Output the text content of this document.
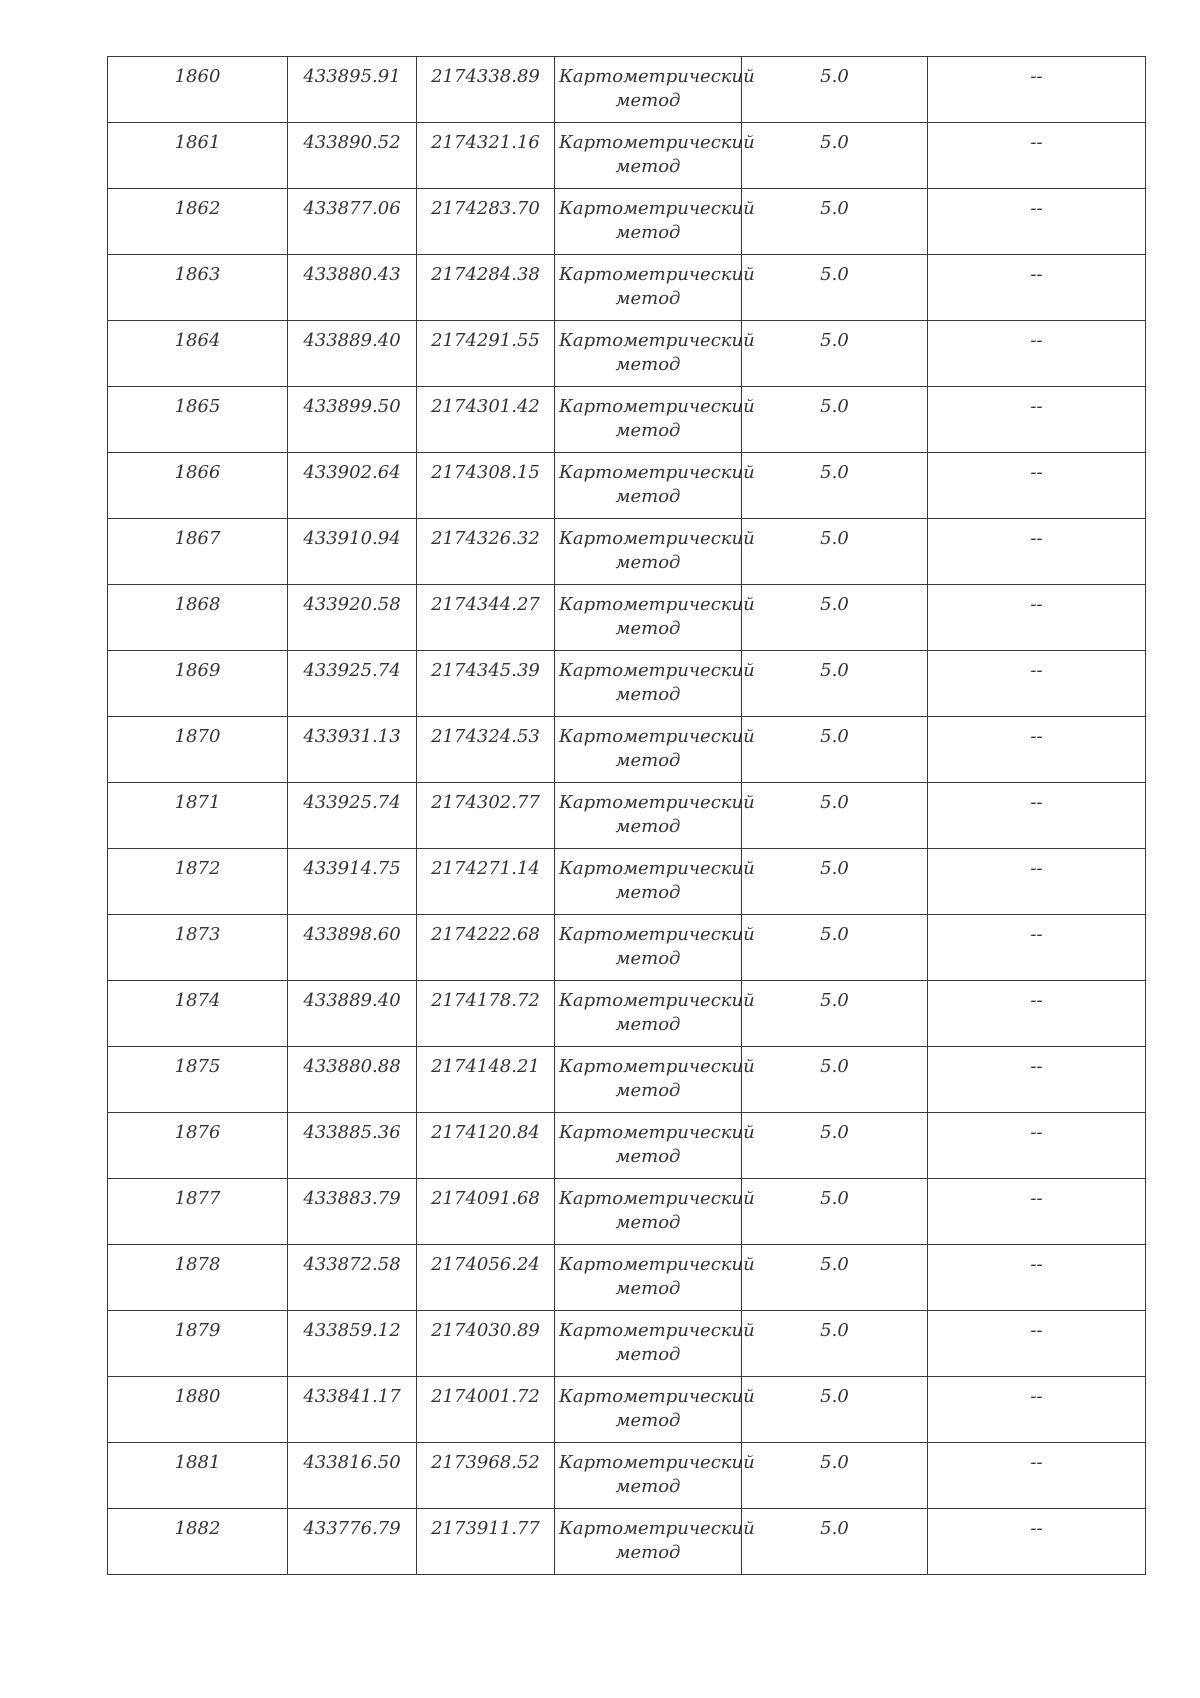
1860	433895.91	2174338.89	Картометрический
метод	5.0	--
1861	433890.52	2174321.16	Картометрический
метод	5.0	--
1862	433877.06	2174283.70	Картометрический
метод	5.0	--
1863	433880.43	2174284.38	Картометрический
метод	5.0	--
1864	433889.40	2174291.55	Картометрический
метод	5.0	--
1865	433899.50	2174301.42	Картометрический
метод	5.0	--
1866	433902.64	2174308.15	Картометрический
метод	5.0	--
1867	433910.94	2174326.32	Картометрический
метод	5.0	--
1868	433920.58	2174344.27	Картометрический
метод	5.0	--
1869	433925.74	2174345.39	Картометрический
метод	5.0	--
1870	433931.13	2174324.53	Картометрический
метод	5.0	--
1871	433925.74	2174302.77	Картометрический
метод	5.0	--
1872	433914.75	2174271.14	Картометрический
метод	5.0	--
1873	433898.60	2174222.68	Картометрический
метод	5.0	--
1874	433889.40	2174178.72	Картометрический
метод	5.0	--
1875	433880.88	2174148.21	Картометрический
метод	5.0	--
1876	433885.36	2174120.84	Картометрический
метод	5.0	--
1877	433883.79	2174091.68	Картометрический
метод	5.0	--
1878	433872.58	2174056.24	Картометрический
метод	5.0	--
1879	433859.12	2174030.89	Картометрический
метод	5.0	--
1880	433841.17	2174001.72	Картометрический
метод	5.0	--
1881	433816.50	2173968.52	Картометрический
метод	5.0	--
1882	433776.79	2173911.77	Картометрический
метод	5.0	--
